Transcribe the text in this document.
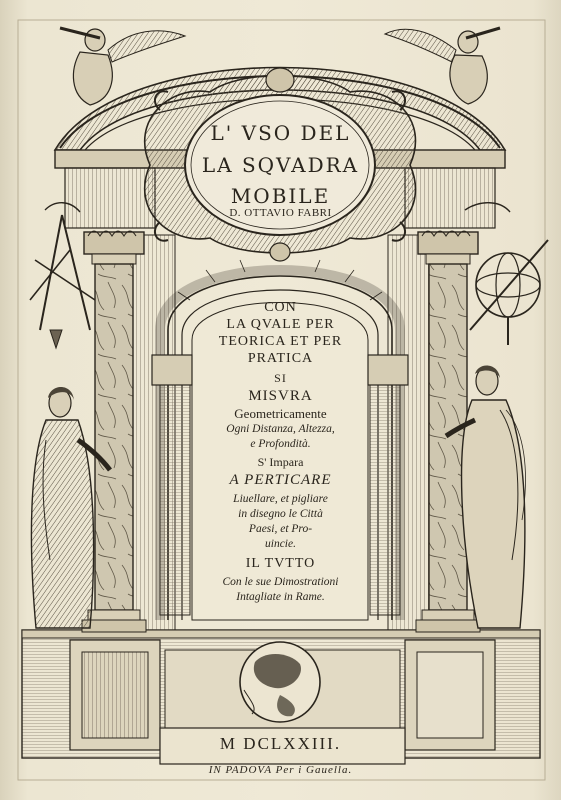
L' VSO DEL
LA SQVADRA
MOBILE
D. OTTAVIO FABRI
CON
LA QVALE PER
TEORICA ET PER
PRATICA
SI
MISVRA
Geometricamente
Ogni Distanza, Altezza,
e Profondità.
S' Impara
A PERTICARE
Liuellare, et pigliare
in disegno le Città
Paesi, et Pro-
uincie.
IL TVTTO
Con le sue Dimostrationi
Intagliate in Rame.
M DCLXXIII.
IN PADOVA Per i Gauella.
